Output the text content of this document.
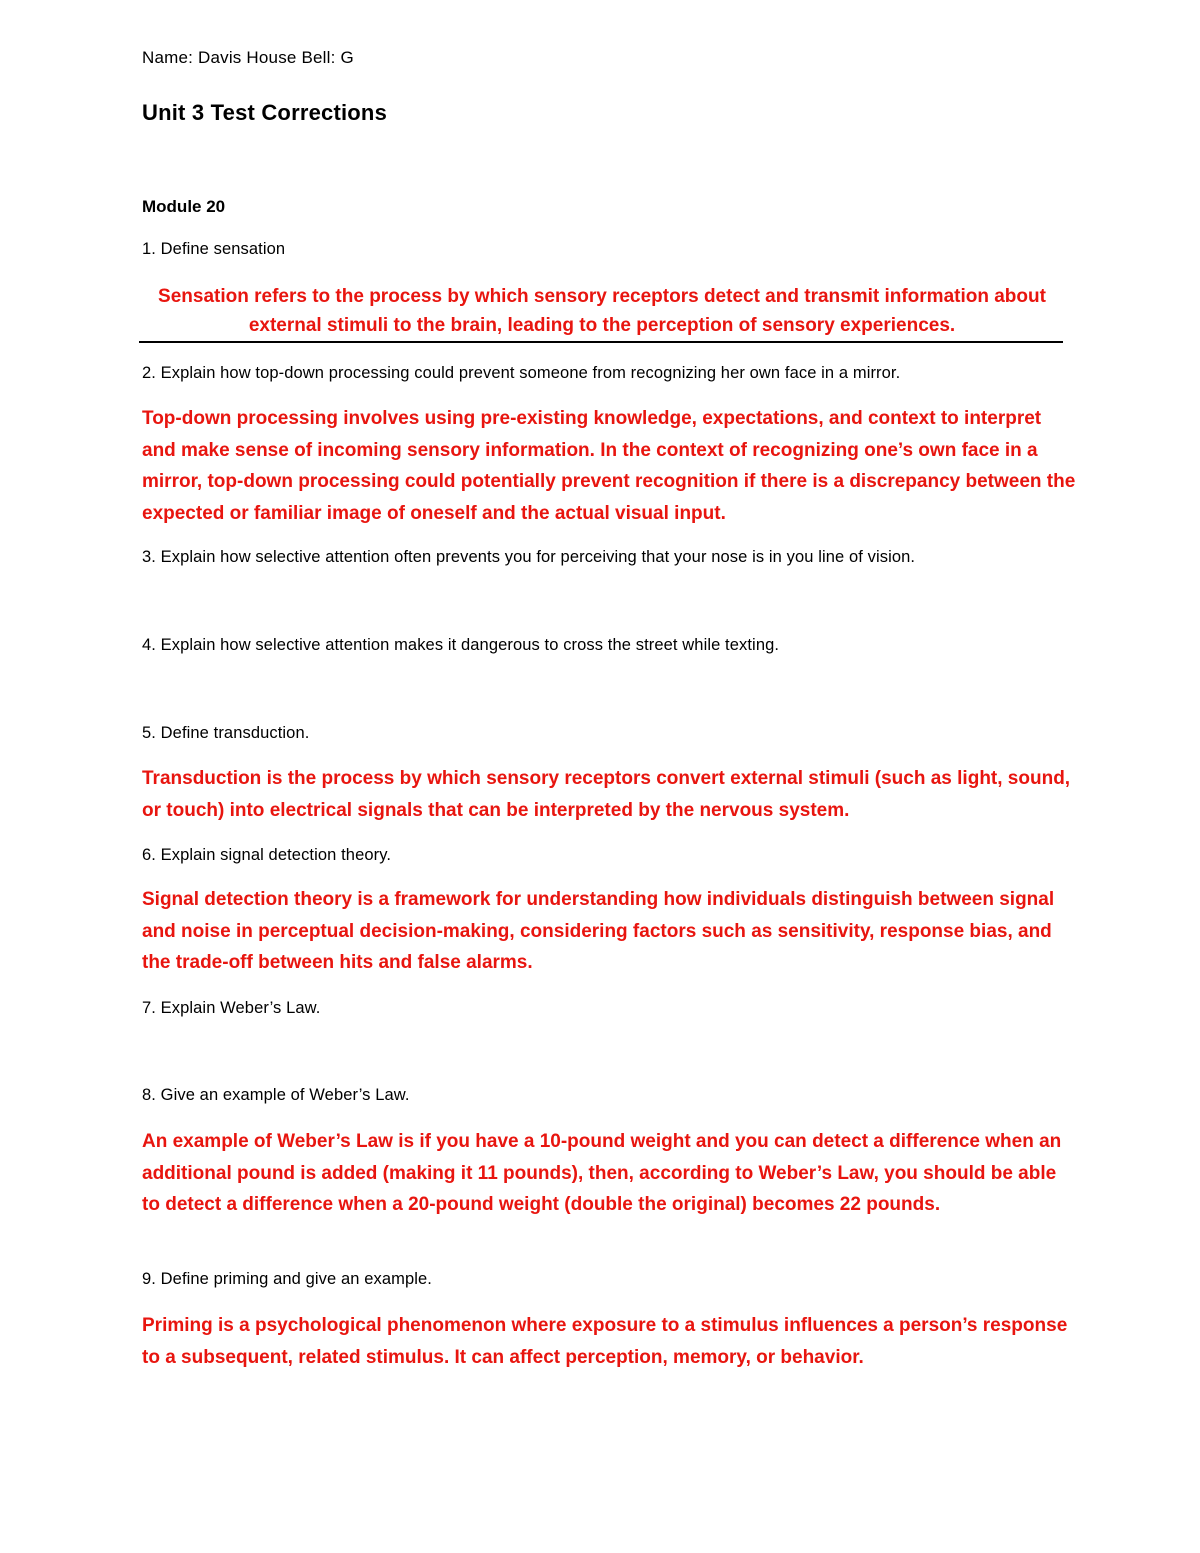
Name: Davis House Bell: G
Unit 3 Test Corrections
Module 20
1. Define sensation
Sensation refers to the process by which sensory receptors detect and transmit information about external stimuli to the brain, leading to the perception of sensory experiences.
2. Explain how top-down processing could prevent someone from recognizing her own face in a mirror.
Top-down processing involves using pre-existing knowledge, expectations, and context to interpret and make sense of incoming sensory information. In the context of recognizing one’s own face in a mirror, top-down processing could potentially prevent recognition if there is a discrepancy between the expected or familiar image of oneself and the actual visual input.
3. Explain how selective attention often prevents you for perceiving that your nose is in you line of vision.
4. Explain how selective attention makes it dangerous to cross the street while texting.
5. Define transduction.
Transduction is the process by which sensory receptors convert external stimuli (such as light, sound, or touch) into electrical signals that can be interpreted by the nervous system.
6. Explain signal detection theory.
Signal detection theory is a framework for understanding how individuals distinguish between signal and noise in perceptual decision-making, considering factors such as sensitivity, response bias, and the trade-off between hits and false alarms.
7. Explain Weber’s Law.
8. Give an example of Weber’s Law.
An example of Weber’s Law is if you have a 10-pound weight and you can detect a difference when an additional pound is added (making it 11 pounds), then, according to Weber’s Law, you should be able to detect a difference when a 20-pound weight (double the original) becomes 22 pounds.
9. Define priming and give an example.
Priming is a psychological phenomenon where exposure to a stimulus influences a person’s response to a subsequent, related stimulus. It can affect perception, memory, or behavior.
